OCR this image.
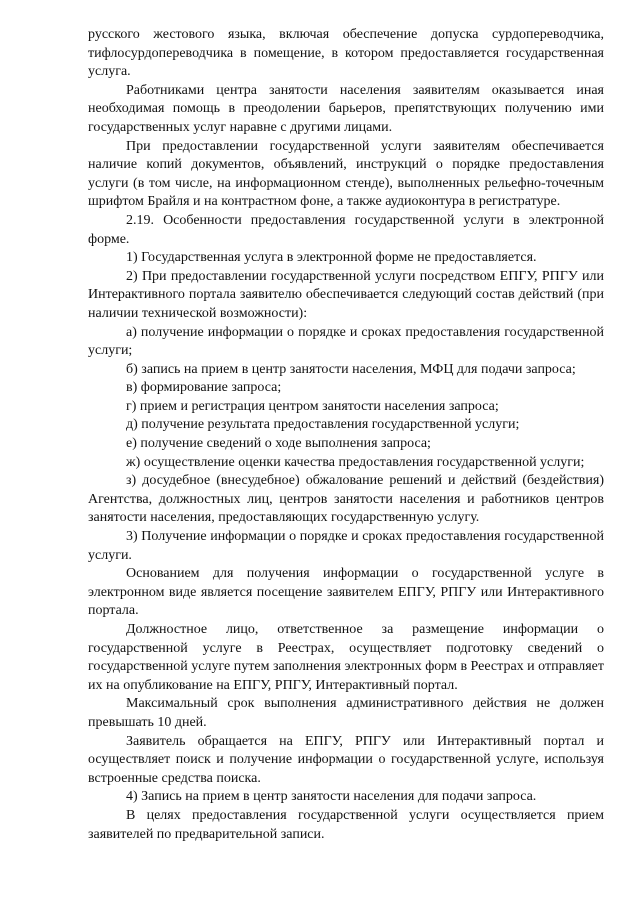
русского жестового языка, включая обеспечение допуска сурдопереводчика, тифлосурдопереводчика в помещение, в котором предоставляется государственная услуга.

Работниками центра занятости населения заявителям оказывается иная необходимая помощь в преодолении барьеров, препятствующих получению ими государственных услуг наравне с другими лицами.

При предоставлении государственной услуги заявителям обеспечивается наличие копий документов, объявлений, инструкций о порядке предоставления услуги (в том числе, на информационном стенде), выполненных рельефно-точечным шрифтом Брайля и на контрастном фоне, а также аудиоконтура в регистратуре.

2.19. Особенности предоставления государственной услуги в электронной форме.

1) Государственная услуга в электронной форме не предоставляется.

2) При предоставлении государственной услуги посредством ЕПГУ, РПГУ или Интерактивного портала заявителю обеспечивается следующий состав действий (при наличии технической возможности):

а) получение информации о порядке и сроках предоставления государственной услуги;

б) запись на прием в центр занятости населения, МФЦ для подачи запроса;

в) формирование запроса;

г) прием и регистрация центром занятости населения запроса;

д) получение результата предоставления государственной услуги;

е) получение сведений о ходе выполнения запроса;

ж) осуществление оценки качества предоставления государственной услуги;

з) досудебное (внесудебное) обжалование решений и действий (бездействия) Агентства, должностных лиц, центров занятости населения и работников центров занятости населения, предоставляющих государственную услугу.

3) Получение информации о порядке и сроках предоставления государственной услуги.

Основанием для получения информации о государственной услуге в электронном виде является посещение заявителем ЕПГУ, РПГУ или Интерактивного портала.

Должностное лицо, ответственное за размещение информации о государственной услуге в Реестрах, осуществляет подготовку сведений о государственной услуге путем заполнения электронных форм в Реестрах и отправляет их на опубликование на ЕПГУ, РПГУ, Интерактивный портал.

Максимальный срок выполнения административного действия не должен превышать 10 дней.

Заявитель обращается на ЕПГУ, РПГУ или Интерактивный портал и осуществляет поиск и получение информации о государственной услуге, используя встроенные средства поиска.

4) Запись на прием в центр занятости населения для подачи запроса.

В целях предоставления государственной услуги осуществляется прием заявителей по предварительной записи.
